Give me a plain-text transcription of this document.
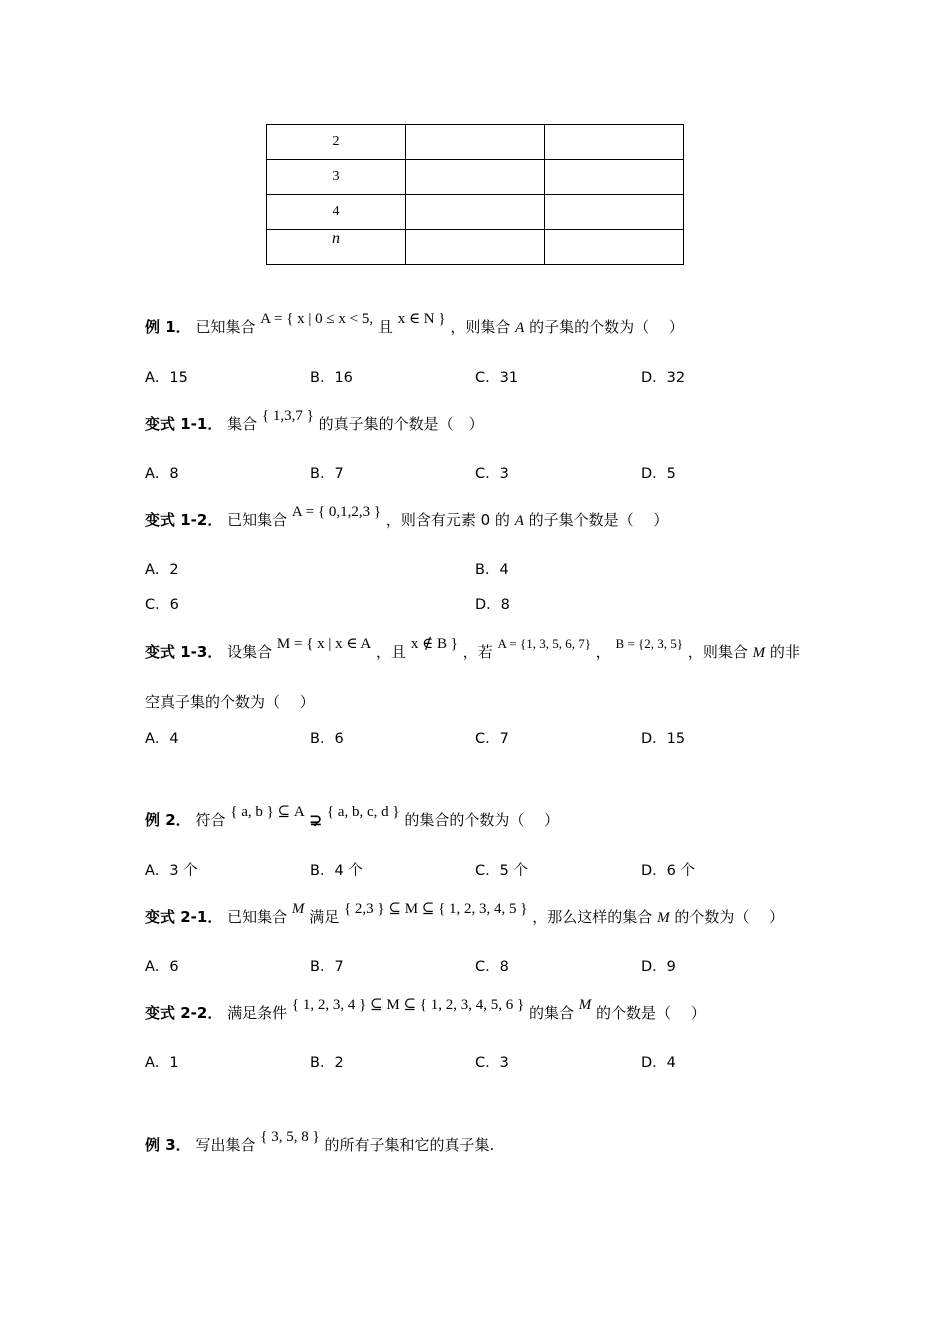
2		
3		
4		
n		
例 1． 已知集合 A = { x | 0 ≤ x < 5, 且 x ∈ N } ，则集合 A 的子集的个数为（　 ）
A．15	B．16	C．31	D．32
变式 1-1． 集合 { 1,3,7 } 的真子集的个数是（　）
A．8	B．7	C．3	D．5
变式 1-2． 已知集合 A = { 0,1,2,3 } ，则含有元素 0 的 A 的子集个数是（　 ）
A．2	B．4
C．6	D．8
变式 1-3． 设集合 M = { x | x ∈ A ，且 x ∉ B } ，若 A = {1, 3, 5, 6, 7} ， B = {2, 3, 5} ，则集合 M 的非
空真子集的个数为（　 ）
A．4	B．6	C．7	D．15
例 2． 符合 { a, b } ⊆ A ⊋ { a, b, c, d } 的集合的个数为（　 ）
A．3 个	B．4 个	C．5 个	D．6 个
变式 2-1． 已知集合 M 满足 { 2,3 } ⊆ M ⊆ { 1, 2, 3, 4, 5 } ，那么这样的集合 M 的个数为（　 ）
A．6	B．7	C．8	D．9
变式 2-2． 满足条件 { 1, 2, 3, 4 } ⊆ M ⊆ { 1, 2, 3, 4, 5, 6 } 的集合 M 的个数是（　 ）
A．1	B．2	C．3	D．4
例 3． 写出集合 { 3, 5, 8 } 的所有子集和它的真子集.
